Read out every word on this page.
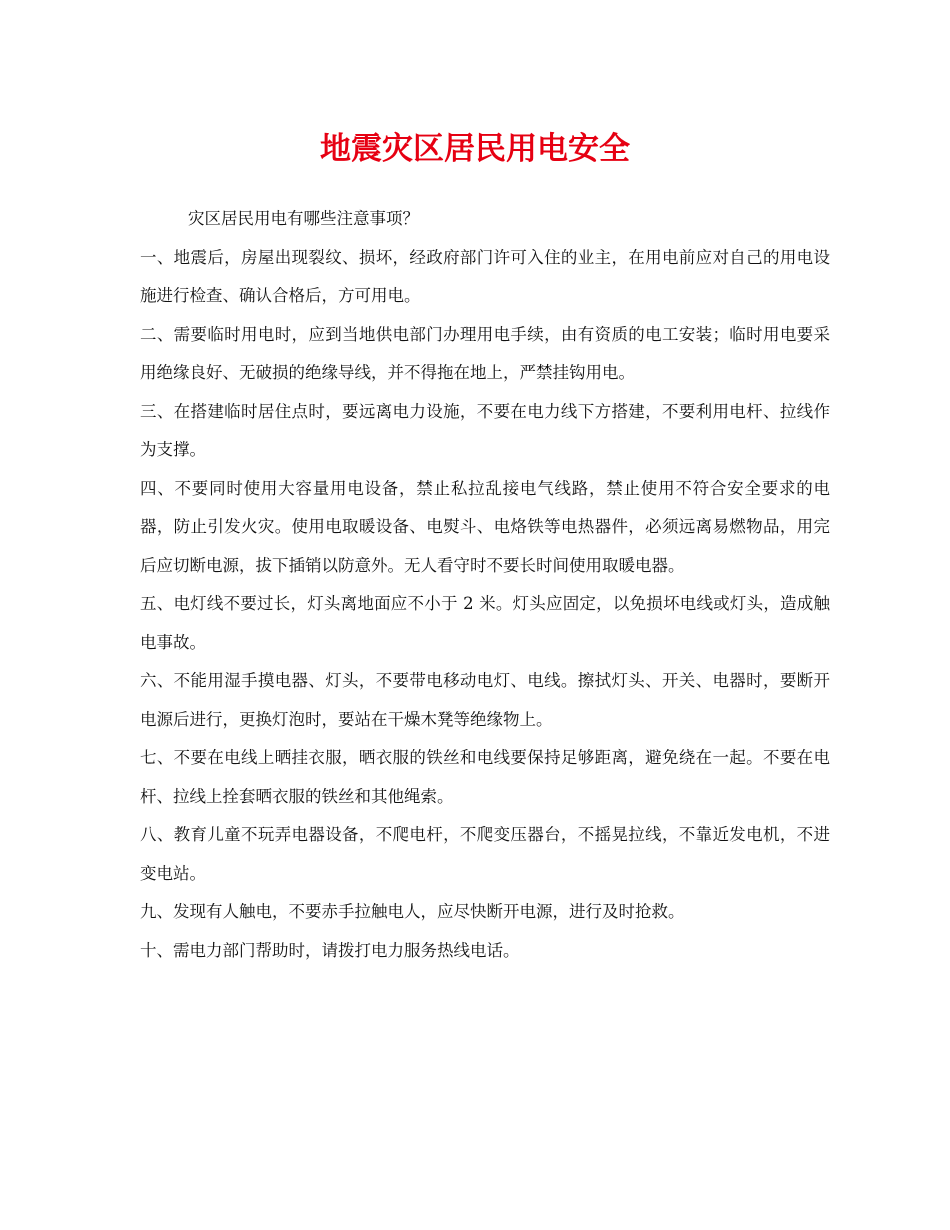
地震灾区居民用电安全

灾区居民用电有哪些注意事项？

一、地震后，房屋出现裂纹、损坏，经政府部门许可入住的业主，在用电前应对自己的用电设施进行检查、确认合格后，方可用电。

二、需要临时用电时，应到当地供电部门办理用电手续，由有资质的电工安装；临时用电要采用绝缘良好、无破损的绝缘导线，并不得拖在地上，严禁挂钩用电。

三、在搭建临时居住点时，要远离电力设施，不要在电力线下方搭建，不要利用电杆、拉线作为支撑。

四、不要同时使用大容量用电设备，禁止私拉乱接电气线路，禁止使用不符合安全要求的电器，防止引发火灾。使用电取暖设备、电熨斗、电烙铁等电热器件，必须远离易燃物品，用完后应切断电源，拔下插销以防意外。无人看守时不要长时间使用取暖电器。

五、电灯线不要过长，灯头离地面应不小于 2 米。灯头应固定，以免损坏电线或灯头，造成触电事故。

六、不能用湿手摸电器、灯头，不要带电移动电灯、电线。擦拭灯头、开关、电器时，要断开电源后进行，更换灯泡时，要站在干燥木凳等绝缘物上。

七、不要在电线上晒挂衣服，晒衣服的铁丝和电线要保持足够距离，避免绕在一起。不要在电杆、拉线上拴套晒衣服的铁丝和其他绳索。

八、教育儿童不玩弄电器设备，不爬电杆，不爬变压器台，不摇晃拉线，不靠近发电机，不进变电站。

九、发现有人触电，不要赤手拉触电人，应尽快断开电源，进行及时抢救。

十、需电力部门帮助时，请拨打电力服务热线电话。
